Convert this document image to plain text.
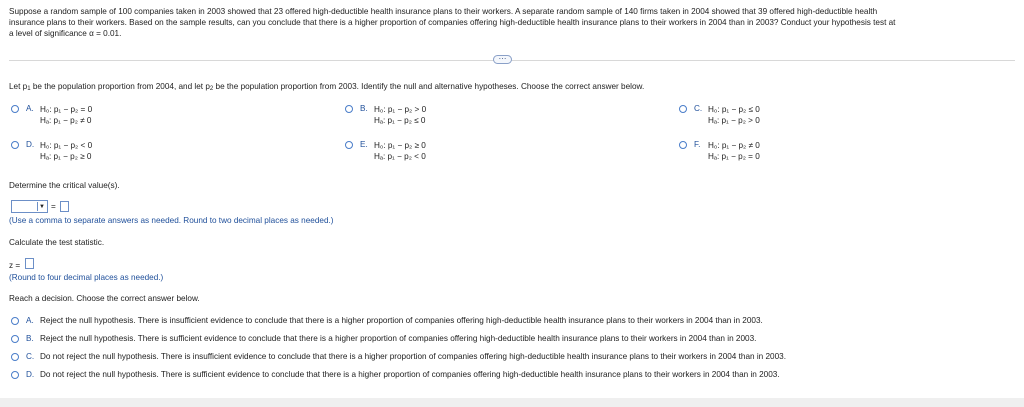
Suppose a random sample of 100 companies taken in 2003 showed that 23 offered high-deductible health insurance plans to their workers. A separate random sample of 140 firms taken in 2004 showed that 39 offered high-deductible health
insurance plans to their workers. Based on the sample results, can you conclude that there is a higher proportion of companies offering high-deductible health insurance plans to their workers in 2004 than in 2003? Conduct your hypothesis test at
a level of significance α = 0.01.
⋯
Let $p_1$ be the population proportion from 2004, and let $p_2$ be the population proportion from 2003. Identify the null and alternative hypotheses. Choose the correct answer below.
A. H₀: p₁ − p₂ = 0
Hₐ: p₁ − p₂ ≠ 0
B. H₀: p₁ − p₂ > 0
Hₐ: p₁ − p₂ ≤ 0
C. H₀: p₁ − p₂ ≤ 0
Hₐ: p₁ − p₂ > 0
D. H₀: p₁ − p₂ < 0
Hₐ: p₁ − p₂ ≥ 0
E. H₀: p₁ − p₂ ≥ 0
Hₐ: p₁ − p₂ < 0
F. H₀: p₁ − p₂ ≠ 0
Hₐ: p₁ − p₂ = 0
Determine the critical value(s).
▼ =
(Use a comma to separate answers as needed. Round to two decimal places as needed.)
Calculate the test statistic.
z =
(Round to four decimal places as needed.)
Reach a decision. Choose the correct answer below.
A. Reject the null hypothesis. There is insufficient evidence to conclude that there is a higher proportion of companies offering high-deductible health insurance plans to their workers in 2004 than in 2003.
B. Reject the null hypothesis. There is sufficient evidence to conclude that there is a higher proportion of companies offering high-deductible health insurance plans to their workers in 2004 than in 2003.
C. Do not reject the null hypothesis. There is insufficient evidence to conclude that there is a higher proportion of companies offering high-deductible health insurance plans to their workers in 2004 than in 2003.
D. Do not reject the null hypothesis. There is sufficient evidence to conclude that there is a higher proportion of companies offering high-deductible health insurance plans to their workers in 2004 than in 2003.
